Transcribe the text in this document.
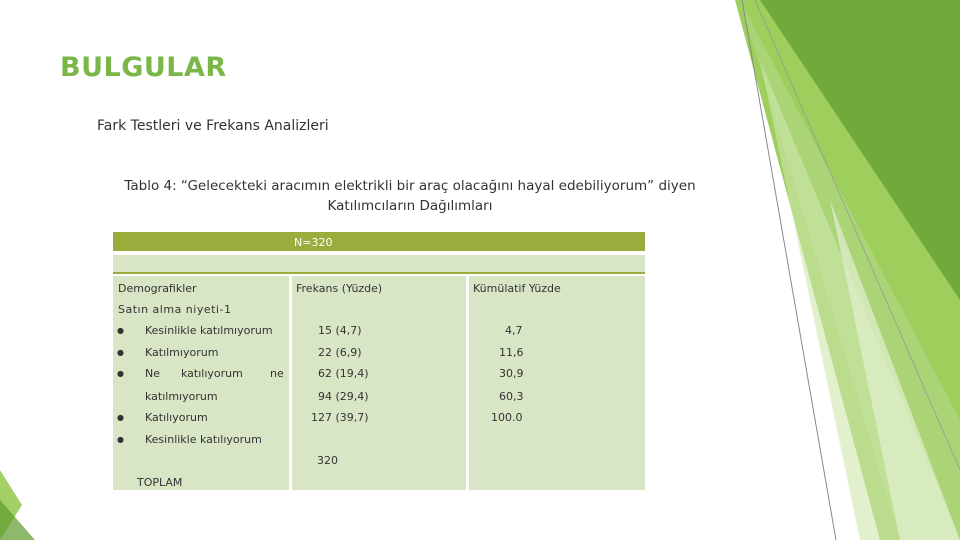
BULGULAR
Fark Testleri ve Frekans Analizleri
Tablo 4: “Gelecekteki aracımın elektrikli bir araç olacağını hayal edebiliyorum” diyen
Katılımcıların Dağılımları
N=320
Demografikler	Frekans (Yüzde)	Kümülatif Yüzde
Satın alma niyeti-1
● Kesinlikle katılmıyorum
● Katılmıyorum
● Ne katılıyorum ne
katılmıyorum
● Katılıyorum
● Kesinlikle katılıyorum
TOPLAM
15 (4,7)
22 (6,9)
62 (19,4)
94 (29,4)
127 (39,7)
320
4,7
11,6
30,9
60,3
100.0
